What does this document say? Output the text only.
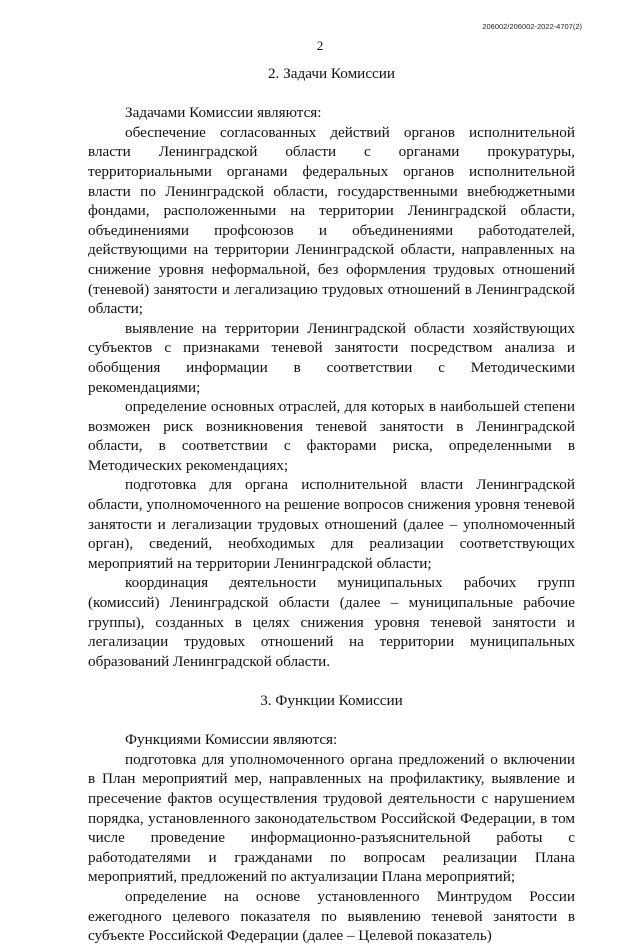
206002/206002-2022-4707(2)
2
2. Задачи Комиссии

Задачами Комиссии являются:

обеспечение согласованных действий органов исполнительной власти Ленинградской области с органами прокуратуры, территориальными органами федеральных органов исполнительной власти по Ленинградской области, государственными внебюджетными фондами, расположенными на территории Ленинградской области, объединениями профсоюзов и объединениями работодателей, действующими на территории Ленинградской области, направленных на снижение уровня неформальной, без оформления трудовых отношений (теневой) занятости и легализацию трудовых отношений в Ленинградской области;

выявление на территории Ленинградской области хозяйствующих субъектов с признаками теневой занятости посредством анализа и обобщения информации в соответствии с Методическими рекомендациями;

определение основных отраслей, для которых в наибольшей степени возможен риск возникновения теневой занятости в Ленинградской области, в соответствии с факторами риска, определенными в Методических рекомендациях;

подготовка для органа исполнительной власти Ленинградской области, уполномоченного на решение вопросов снижения уровня теневой занятости и легализации трудовых отношений (далее – уполномоченный орган), сведений, необходимых для реализации соответствующих мероприятий на территории Ленинградской области;

координация деятельности муниципальных рабочих групп (комиссий) Ленинградской области (далее – муниципальные рабочие группы), созданных в целях снижения уровня теневой занятости и легализации трудовых отношений на территории муниципальных образований Ленинградской области.

3. Функции Комиссии

Функциями Комиссии являются:

подготовка для уполномоченного органа предложений о включении в План мероприятий мер, направленных на профилактику, выявление и пресечение фактов осуществления трудовой деятельности с нарушением порядка, установленного законодательством Российской Федерации, в том числе проведение информационно-разъяснительной работы с работодателями и гражданами по вопросам реализации Плана мероприятий, предложений по актуализации Плана мероприятий;

определение на основе установленного Минтрудом России ежегодного целевого показателя по выявлению теневой занятости в субъекте Российской Федерации (далее – Целевой показатель)
